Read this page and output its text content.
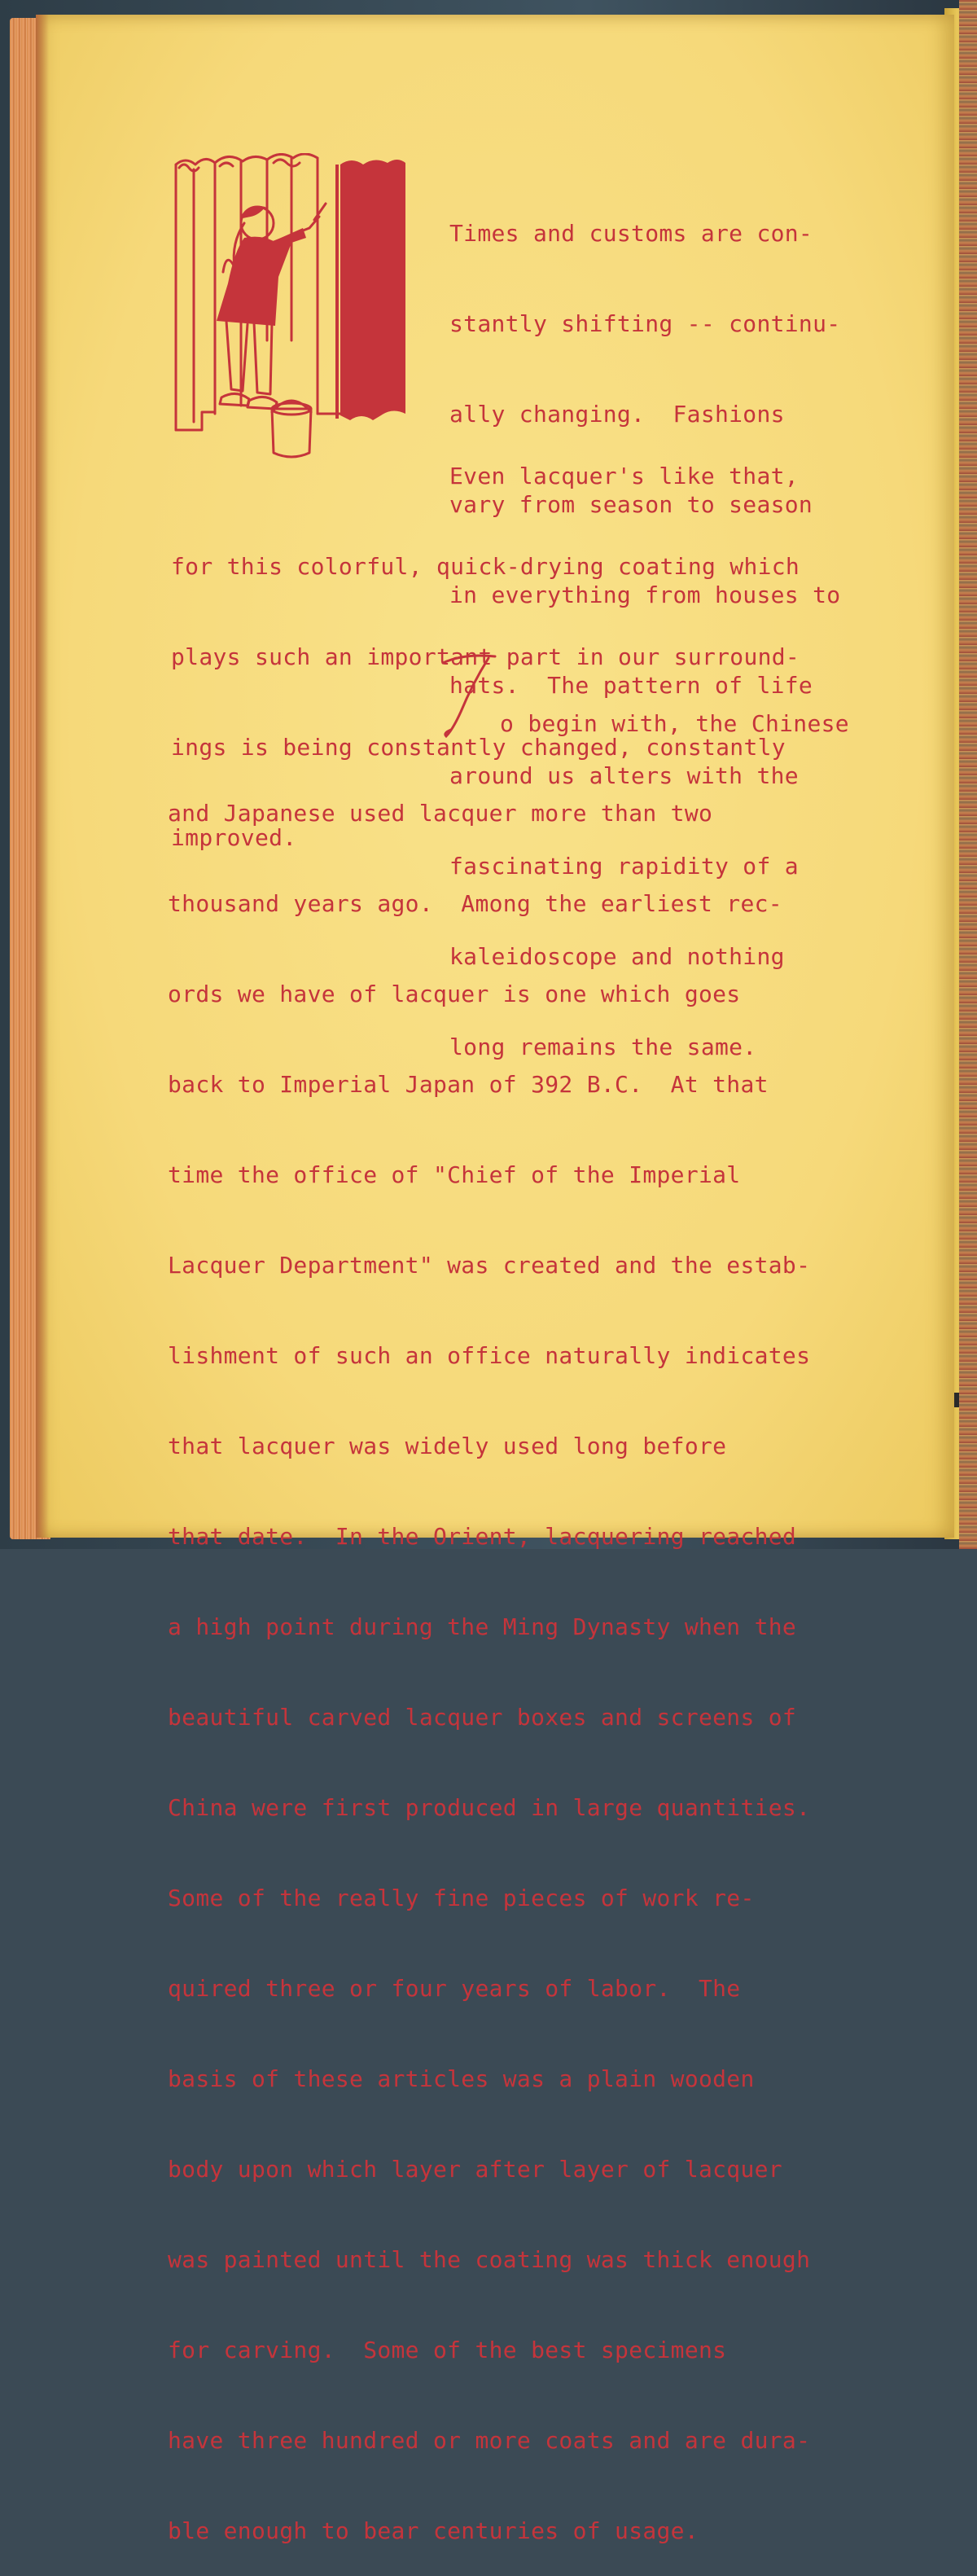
Times and customs are con-

stantly shifting -- continu-

ally changing.  Fashions

vary from season to season

in everything from houses to

hats.  The pattern of life

around us alters with the

fascinating rapidity of a

kaleidoscope and nothing

long remains the same.

Even lacquer's like that,

for this colorful, quick-drying coating which

plays such an important part in our surround-

ings is being constantly changed, constantly

improved.

o begin with, the Chinese

and Japanese used lacquer more than two

thousand years ago.  Among the earliest rec-

ords we have of lacquer is one which goes

back to Imperial Japan of 392 B.C.  At that

time the office of "Chief of the Imperial

Lacquer Department" was created and the estab-

lishment of such an office naturally indicates

that lacquer was widely used long before

that date.  In the Orient, lacquering reached

a high point during the Ming Dynasty when the

beautiful carved lacquer boxes and screens of

China were first produced in large quantities.

Some of the really fine pieces of work re-

quired three or four years of labor.  The

basis of these articles was a plain wooden

body upon which layer after layer of lacquer

was painted until the coating was thick enough

for carving.  Some of the best specimens

have three hundred or more coats and are dura-

ble enough to bear centuries of usage.
